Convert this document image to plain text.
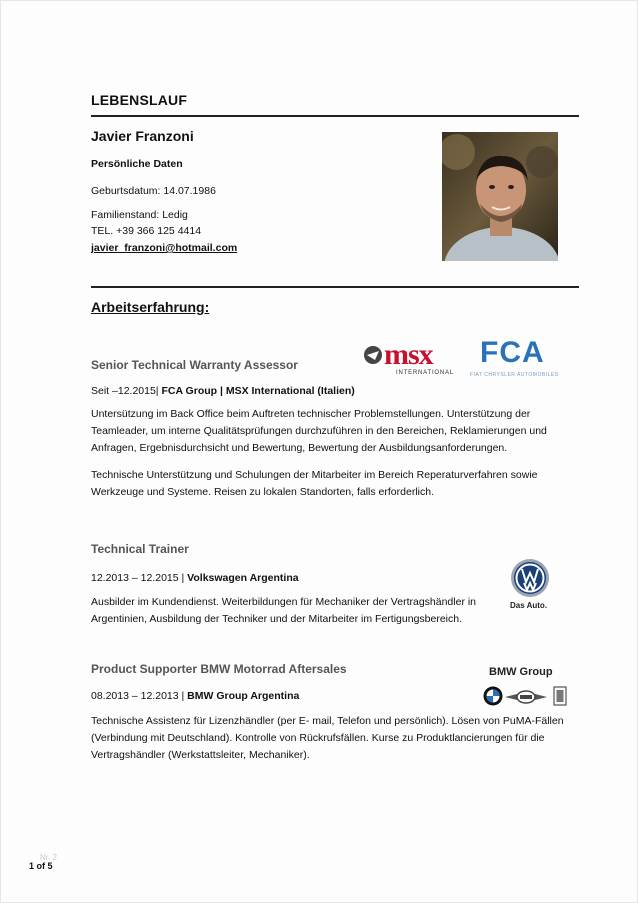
LEBENSLAUF
Javier Franzoni
Persönliche Daten
Geburtsdatum: 14.07.1986
Familienstand: Ledig
TEL. +39 366 125 4414
javier_franzoni@hotmail.com
Arbeitserfahrung:
Senior Technical Warranty Assessor
Seit –12.2015| FCA Group | MSX International (Italien)
Untersützung im Back Office beim Auftreten technischer Problemstellungen. Unterstützung der Teamleader, um interne Qualitätsprüfungen durchzuführen in den Bereichen, Reklamierungen und Anfragen, Ergebnisdurchsicht und Bewertung, Bewertung der Ausbildungsanforderungen.
Technische Unterstützung und Schulungen der Mitarbeiter im Bereich Reperaturverfahren sowie Werkzeuge und Systeme. Reisen zu lokalen Standorten, falls erforderlich.
msx
INTERNATIONAL
FCA
FIAT CHRYSLER AUTOMOBILES
Technical Trainer
12.2013 – 12.2015 | Volkswagen Argentina
Ausbilder im Kundendienst. Weiterbildungen für Mechaniker der Vertragshändler in Argentinien, Ausbildung der Techniker und der Mitarbeiter im Fertigungsbereich.
Das Auto.
Product Supporter BMW Motorrad Aftersales
08.2013 – 12.2013 | BMW Group Argentina
Technische Assistenz für Lizenzhändler (per E- mail, Telefon und persönlich). Lösen von PuMA-Fällen (Verbindung mit Deutschland). Kontrolle von Rückrufsfällen. Kurse zu Produktlancierungen für die Vertragshändler (Werkstattsleiter, Mechaniker).
BMW Group
Nr. 2
1 of 5
